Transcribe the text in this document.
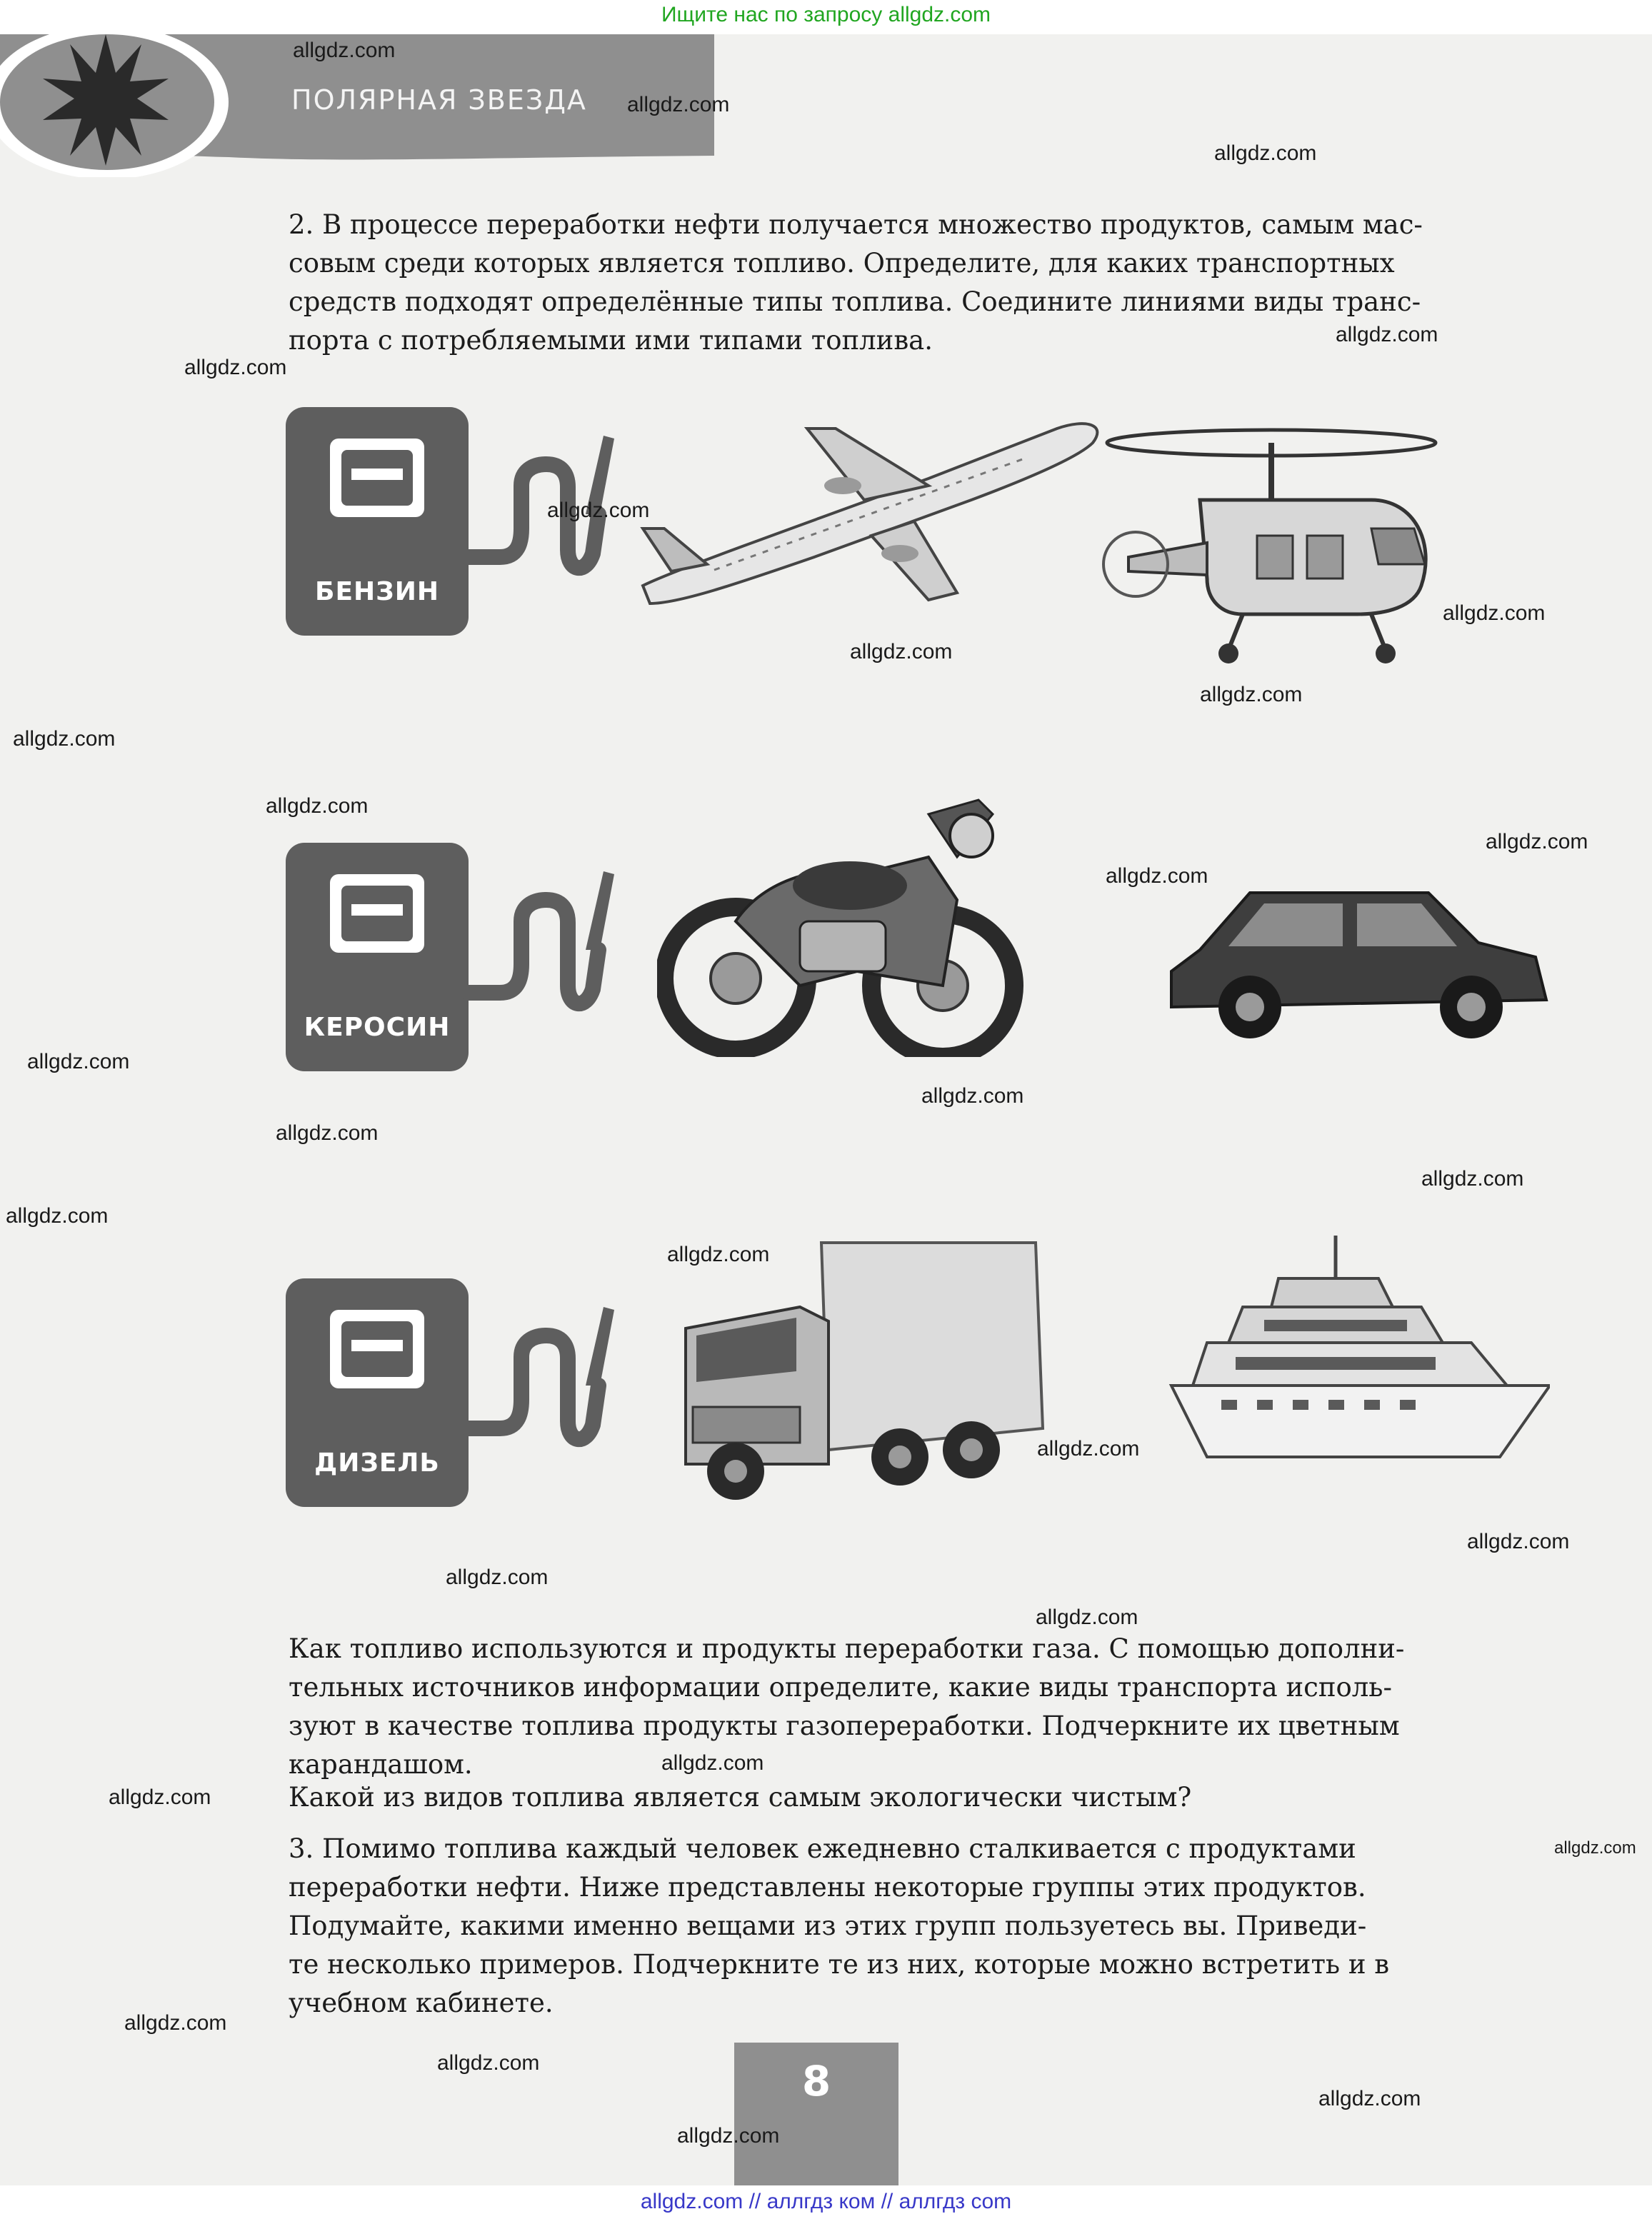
Ищите нас по запросу allgdz.com
ПОЛЯРНАЯ ЗВЕЗДА
2. В процессе переработки нефти получается множество продуктов, самым мас-
совым среди которых является топливо. Определите, для каких транспортных
средств подходят определённые типы топлива. Соедините линиями виды транс-
порта с потребляемыми ими типами топлива.
БЕНЗИН
КЕРОСИН
ДИЗЕЛЬ
Как топливо используются и продукты переработки газа. С помощью дополни-
тельных источников информации определите, какие виды транспорта исполь-
зуют в качестве топлива продукты газопереработки. Подчеркните их цветным
карандашом.
Какой из видов топлива является самым экологически чистым?
3. Помимо топлива каждый человек ежедневно сталкивается с продуктами
переработки нефти. Ниже представлены некоторые группы этих продуктов.
Подумайте, какими именно вещами из этих групп пользуетесь вы. Приведи-
те несколько примеров. Подчеркните те из них, которые можно встретить и в
учебном кабинете.
8
allgdz.com // аллгдз ком // аллгдз com
allgdz.com
allgdz.com
allgdz.com
allgdz.com
allgdz.com
allgdz.com
allgdz.com
allgdz.com
allgdz.com
allgdz.com
allgdz.com
allgdz.com
allgdz.com
allgdz.com
allgdz.com
allgdz.com
allgdz.com
allgdz.com
allgdz.com
allgdz.com
allgdz.com
allgdz.com
allgdz.com
allgdz.com
allgdz.com
allgdz.com
allgdz.com
allgdz.com
allgdz.com
allgdz.com
